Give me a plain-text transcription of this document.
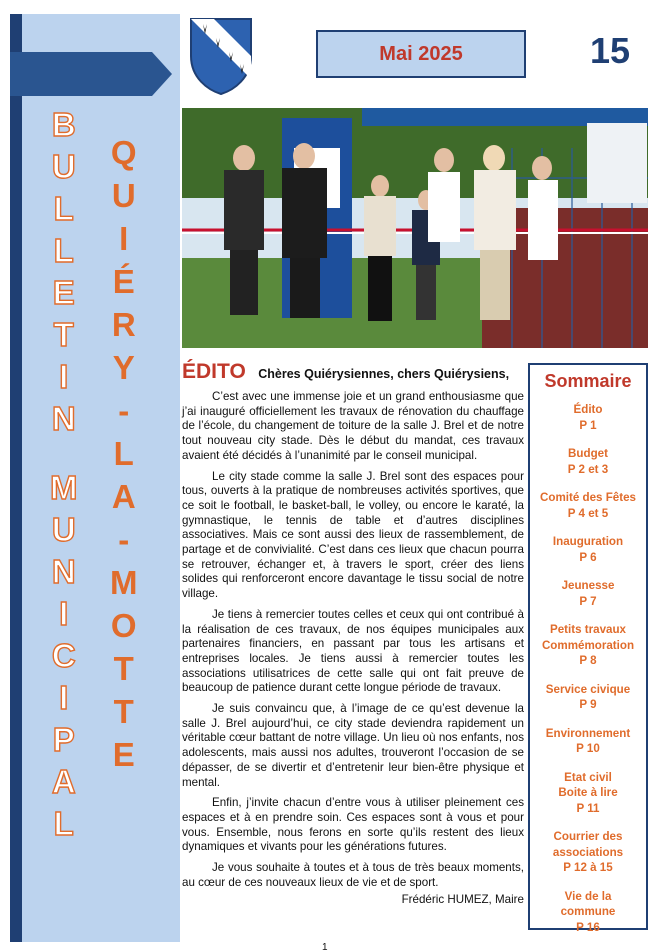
B
U
L
L
E
T
I
N

M
U
N
I
C
I
P
A
L
Q
U
I
É
R
Y
-
L
A
-
M
O
T
T
E
Mai 2025	15
ÉDITO Chères Quiérysiennes, chers Quiérysiens,

C’est avec une immense joie et un grand enthousiasme que j’ai inauguré officiellement les travaux de rénovation du chauffage de l’école, du changement de toiture de la salle J. Brel et de notre tout nouveau city stade. Dès le début du mandat, ces travaux avaient été décidés à l’unanimité par le conseil municipal.

Le city stade comme la salle J. Brel sont des espaces pour tous, ouverts à la pratique de nombreuses activités sportives, que ce soit le football, le basket-ball, le volley, ou encore le karaté, la gymnastique, le tennis de table et d’autres disciplines associatives. Mais ce sont aussi des lieux de rassemblement, de partage et de convivialité. C’est dans ces lieux que chacun pourra se retrouver, échanger et, à travers le sport, créer des liens solides qui renforceront encore davantage le tissu social de notre village.

Je tiens à remercier toutes celles et ceux qui ont contribué à la réalisation de ces travaux, de nos équipes municipales aux partenaires financiers, en passant par tous les artisans et entreprises locales. Je tiens aussi à remercier toutes les associations utilisatrices de cette salle qui ont fait preuve de beaucoup de patience durant cette longue période de travaux.

Je suis convaincu que, à l’image de ce qu’est devenue la salle J. Brel aujourd’hui, ce city stade deviendra rapidement un véritable cœur battant de notre village. Un lieu où nos enfants, nos adolescents, mais aussi nos adultes, trouveront l’occasion de se dépasser, de se divertir et d’entretenir leur bien-être physique et mental.

Enfin, j’invite chacun d’entre vous à utiliser pleinement ces espaces et à en prendre soin. Ces espaces sont à vous et pour vous. Ensemble, nous ferons en sorte qu’ils restent des lieux dynamiques et vivants pour les générations futures.

Je vous souhaite à toutes et à tous de très beaux moments, au cœur de ces nouveaux lieux de vie et de sport.

Frédéric HUMEZ, Maire
Sommaire
Édito
P 1
Budget
P 2 et 3
Comité des Fêtes
P 4 et 5
Inauguration
P 6
Jeunesse
P 7
Petits travaux
Commémoration
P 8
Service civique
P 9
Environnement
P 10
Etat civil
Boite à lire
P 11
Courrier des
associations
P 12 à 15
Vie de la
commune
P 16
1
